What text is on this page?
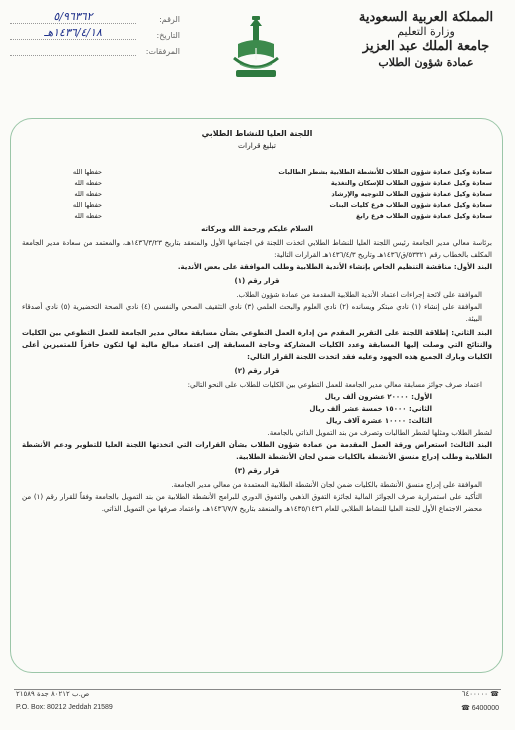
المملكة العربية السعودية
وزارة التعليم
جامعة الملك عبد العزيز
عمادة شؤون الطلاب
الرقم:
٥/٩٦٣٦٢
التاريخ:
١٤٣٦/٤/١٨هـ
المرفقات:
اللجنة العليا للنشاط الطلابي
تبليغ قرارات
سعادة وكيل عمادة شؤون الطلاب للأنشطة الطلابية بشطر الطالبات
حفظها الله
سعادة وكيل عمادة شؤون الطلاب للإسكان والتغذية
حفظه الله
سعادة وكيل عمادة شؤون الطلاب للتوجيه والإرشاد
حفظه الله
سعادة وكيل عمادة شؤون الطلاب فرع كليات البنات
حفظها الله
سعادة وكيل عمادة شؤون الطلاب فرع رابغ
حفظه الله
السلام عليكم ورحمة الله وبركاته
برئاسة معالي مدير الجامعة رئيس اللجنة العليا للنشاط الطلابي اتخذت اللجنة في اجتماعها الأول والمنعقد بتاريخ ١٤٣٦/٣/٢٣هـ، والمعتمد من سعادة مدير الجامعة المكلف بالخطاب رقم ٥٣٣٢١/ق/١٤٣٦هـ وتاريخ ١٤٣٦/٤/٣هـ القرارات التالية:
البند الأول: مناقشة التنظيم الخاص بإنشاء الأندية الطلابية وطلب الموافقة على بعض الأندية.
قرار رقم (١)
الموافقة على لائحة إجراءات اعتماد الأندية الطلابية المقدمة من عمادة شؤون الطلاب.
الموافقة على إنشاء (١) نادي مبتكر ويسانده (٢) نادي العلوم والبحث العلمي (٣) نادي التثقيف الصحي والنفسي (٤) نادي الصحة التحضيرية (٥) نادي أصدقاء البيئة.
البند الثاني: إطلاقة اللجنة على التقرير المقدم من إدارة العمل التطوعي بشأن مسابقة معالي مدير الجامعة للعمل التطوعي بين الكليات والنتائج التي وصلت إليها المسابقة وعدد الكليات المشاركة وحاجة المسابقة إلى اعتماد مبالغ مالية لها لتكون حافزاً للمتميزين أعلى الكليات وبارك الجميع هذه الجهود وعليه فقد اتخذت اللجنة القرار التالي:
قرار رقم (٢)
اعتماد صرف جوائز مسابقة معالي مدير الجامعة للعمل التطوعي بين الكليات للطلاب على النحو التالي:
الأول: ٢٠٠٠٠ عشرون ألف ريال
الثاني: ١٥٠٠٠ خمسة عشر ألف ريال
الثالث: ١٠٠٠٠ عشرة آلاف ريال
لشطر الطلاب ومثلها لشطر الطالبات وتصرف من بند التمويل الذاتي بالجامعة.
البند الثالث: استعراض ورقة العمل المقدمة من عمادة شؤون الطلاب بشأن القرارات التي اتخذتها اللجنة العليا للتطوير ودعم الأنشطة الطلابية وطلب إدراج منسق الأنشطة بالكليات ضمن لجان الأنشطة الطلابية.
قرار رقم (٣)
الموافقة على إدراج منسق الأنشطة بالكليات ضمن لجان الأنشطة الطلابية المعتمدة من معالي مدير الجامعة.
التأكيد على استمرارية صرف الجوائز المالية لجائزة التفوق الذهبي والتفوق الدوري للبرامج الأنشطة الطلابية من بند التمويل بالجامعة وفقاً للقرار رقم (١) من محضر الاجتماع الأول للجنة العليا للنشاط الطلابي للعام ١٤٣٥/١٤٣٦هـ والمنعقد بتاريخ ١٤٣٦/٧/٧هـ، واعتماد صرفها من التمويل الذاتي.
ص.ب ٨٠٢١٢ جدة ٢١٥٨٩
P.O. Box: 80212 Jeddah 21589
☎ ٦٤٠٠٠٠٠
☎ 6400000
